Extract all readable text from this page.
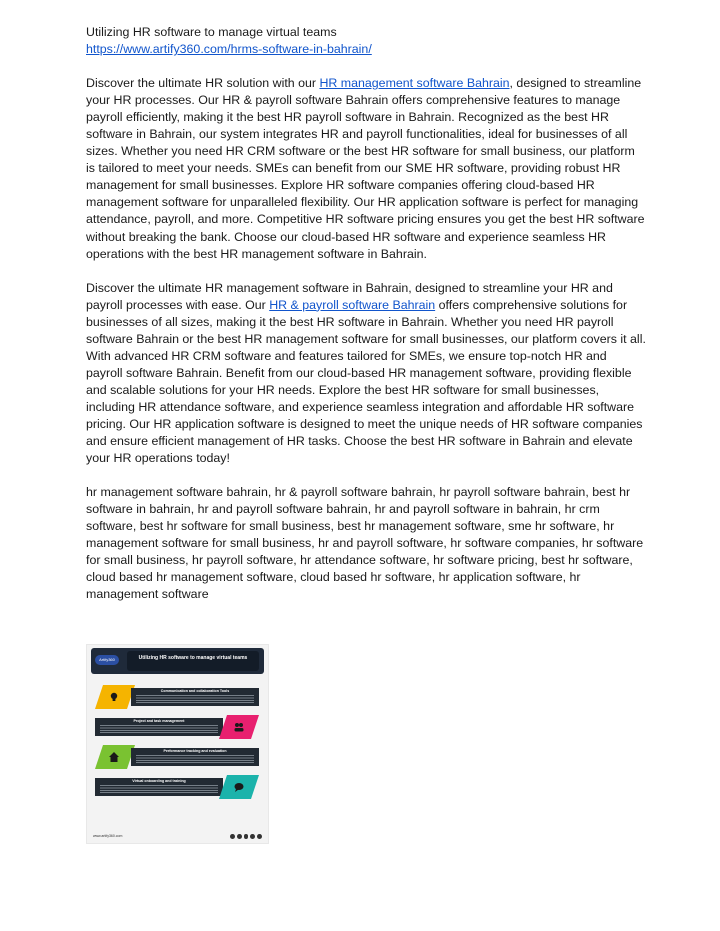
Utilizing HR software to manage virtual teams

https://www.artify360.com/hrms-software-in-bahrain/

Discover the ultimate HR solution with our HR management software Bahrain, designed to streamline your HR processes. Our HR & payroll software Bahrain offers comprehensive features to manage payroll efficiently, making it the best HR payroll software in Bahrain. Recognized as the best HR software in Bahrain, our system integrates HR and payroll functionalities, ideal for businesses of all sizes. Whether you need HR CRM software or the best HR software for small business, our platform is tailored to meet your needs. SMEs can benefit from our SME HR software, providing robust HR management for small businesses. Explore HR software companies offering cloud-based HR management software for unparalleled flexibility. Our HR application software is perfect for managing attendance, payroll, and more. Competitive HR software pricing ensures you get the best HR software without breaking the bank. Choose our cloud-based HR software and experience seamless HR operations with the best HR management software in Bahrain.

Discover the ultimate HR management software in Bahrain, designed to streamline your HR and payroll processes with ease. Our HR & payroll software Bahrain offers comprehensive solutions for businesses of all sizes, making it the best HR software in Bahrain. Whether you need HR payroll software Bahrain or the best HR management software for small businesses, our platform covers it all. With advanced HR CRM software and features tailored for SMEs, we ensure top-notch HR and payroll software Bahrain. Benefit from our cloud-based HR management software, providing flexible and scalable solutions for your HR needs. Explore the best HR software for small businesses, including HR attendance software, and experience seamless integration and affordable HR software pricing. Our HR application software is designed to meet the unique needs of HR software companies and ensure efficient management of HR tasks. Choose the best HR software in Bahrain and elevate your HR operations today!

hr management software bahrain, hr & payroll software bahrain, hr payroll software bahrain, best hr software in bahrain, hr and payroll software bahrain, hr and payroll software in bahrain, hr crm software, best hr software for small business, best hr management software, sme hr software, hr management software for small business, hr and payroll software, hr software companies, hr software for small business, hr payroll software, hr attendance software, hr software pricing, best hr software, cloud based hr management software, cloud based hr software, hr application software, hr management software

Artify360	Utilizing HR software to manage virtual teams
Communication and collaboration Tools
Project and task management
Performance tracking and evaluation
Virtual onboarding and training
www.artify360.com
